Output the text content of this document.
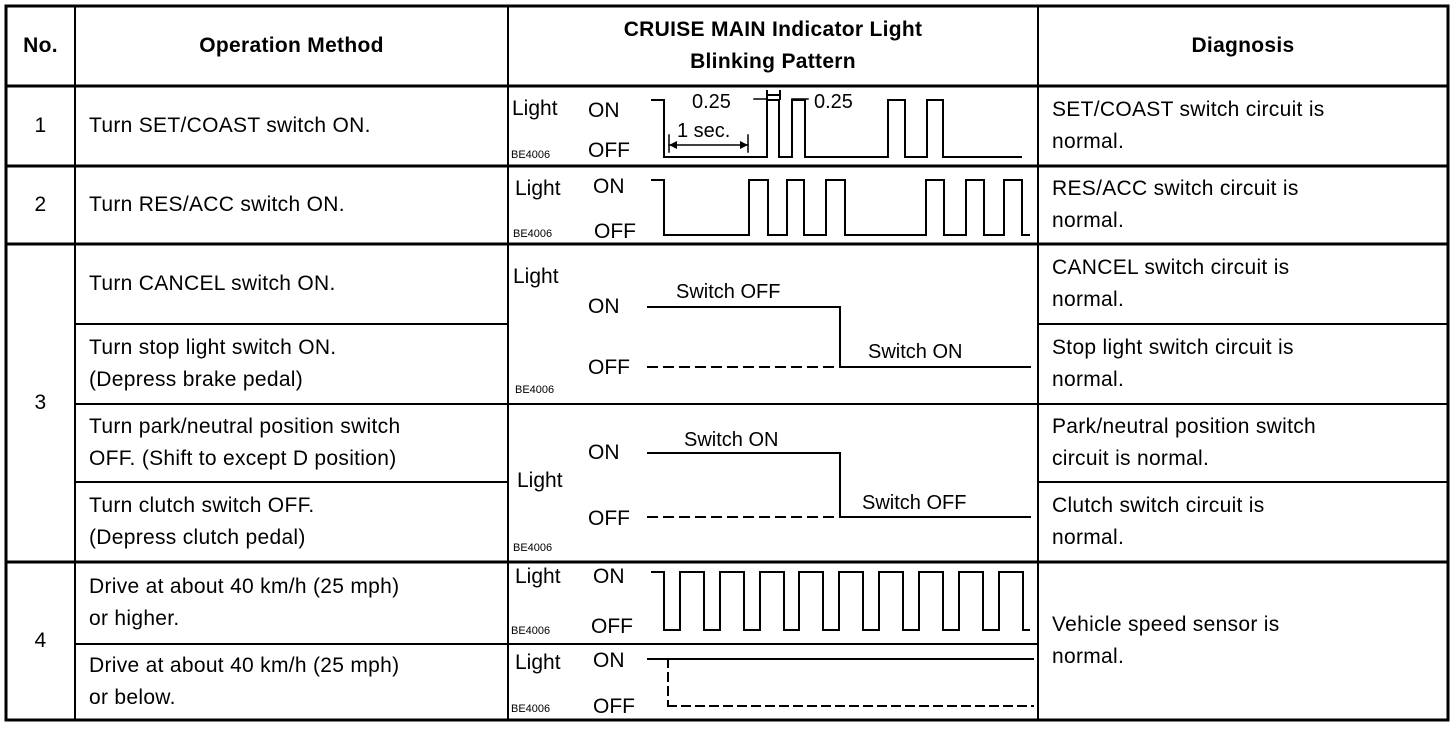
No.	Operation Method
CRUISE MAIN Indicator Light
Blinking Pattern
Diagnosis
1
2
3
4
Turn SET/COAST switch ON.
Turn RES/ACC switch ON.
Turn CANCEL switch ON.
Turn stop light switch ON.
(Depress brake pedal)
Turn park/neutral position switch
OFF. (Shift to except D position)
Turn clutch switch OFF.
(Depress clutch pedal)
Drive at about 40 km/h (25 mph)
or higher.
Drive at about 40 km/h (25 mph)
or below.
SET/COAST switch circuit is
normal.
RES/ACC switch circuit is
normal.
CANCEL switch circuit is
normal.
Stop light switch circuit is
normal.
Park/neutral position switch
circuit is normal.
Clutch switch circuit is
normal.
Vehicle speed sensor is
normal.
Light ON
OFF
BE4006
0.25	0.25
1 sec.
Light ON
OFF
BE4006
Light
ON
OFF
BE4006
Switch OFF
Switch ON
Light
ON
OFF
BE4006
Switch ON
Switch OFF
Light ON
OFF
BE4006
Light ON
OFF
BE4006
